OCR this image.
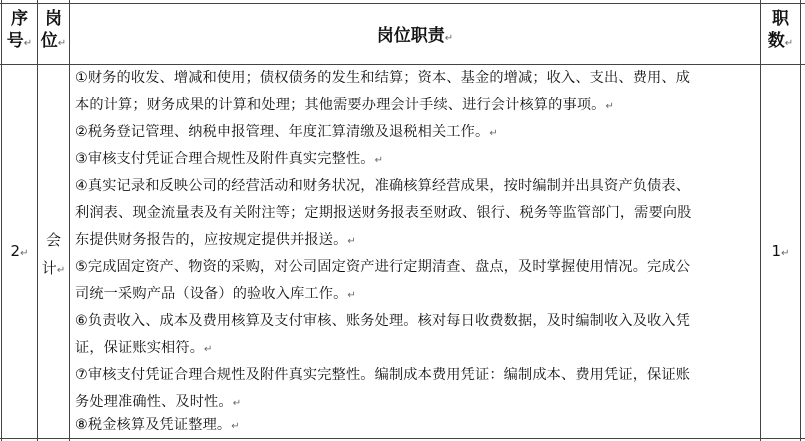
序
号↵
岗
位↵	岗位职责↵
职
数↵
2↵
会
计↵
1↵
①财务的收发、增减和使用；债权债务的发生和结算；资本、基金的增减；收入、支出、费用、成
本的计算；财务成果的计算和处理；其他需要办理会计手续、进行会计核算的事项。↵
②税务登记管理、纳税申报管理、年度汇算清缴及退税相关工作。↵
③审核支付凭证合理合规性及附件真实完整性。↵
④真实记录和反映公司的经营活动和财务状况，准确核算经营成果，按时编制并出具资产负债表、
利润表、现金流量表及有关附注等；定期报送财务报表至财政、银行、税务等监管部门，需要向股
东提供财务报告的，应按规定提供并报送。↵
⑤完成固定资产、物资的采购，对公司固定资产进行定期清查、盘点，及时掌握使用情况。完成公
司统一采购产品（设备）的验收入库工作。↵
⑥负责收入、成本及费用核算及支付审核、账务处理。核对每日收费数据，及时编制收入及收入凭
证，保证账实相符。↵
⑦审核支付凭证合理合规性及附件真实完整性。编制成本费用凭证：编制成本、费用凭证，保证账
务处理准确性、及时性。↵
⑧税金核算及凭证整理。↵
